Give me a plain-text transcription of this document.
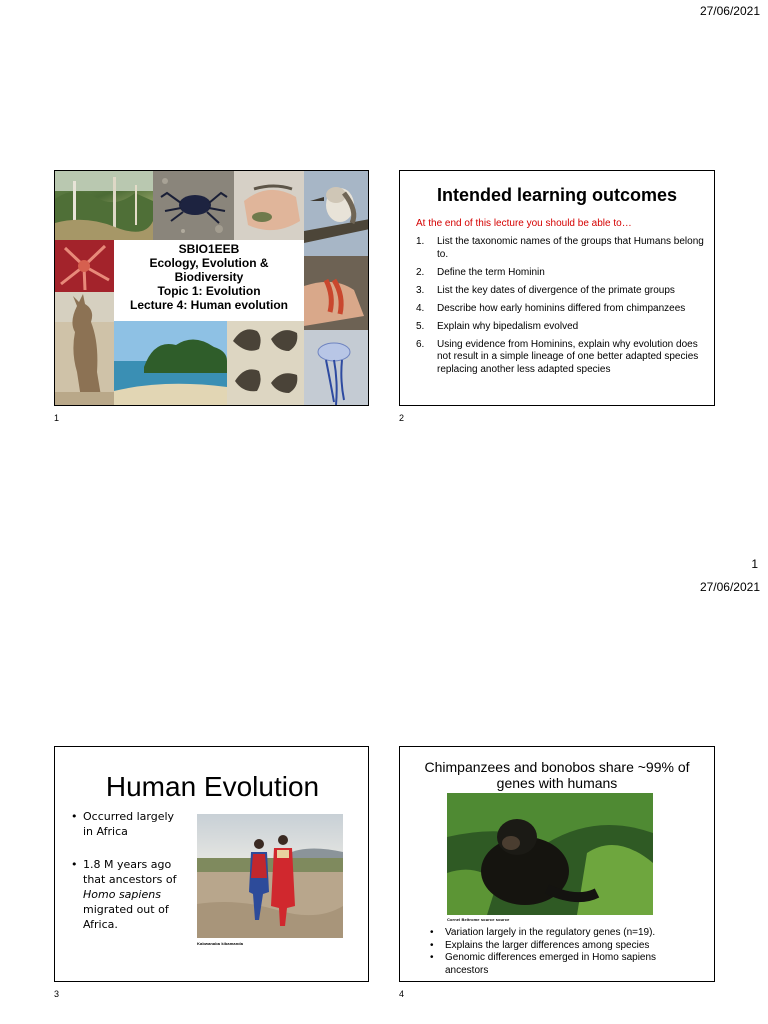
27/06/2021
1
27/06/2021
SBIO1EEB
Ecology, Evolution &
Biodiversity
Topic 1: Evolution
Lecture 4: Human evolution
1
Intended learning outcomes
At the end of this lecture you should be able to…
1.	List the taxonomic names of the groups that Humans belong to.
2.	Define the term Hominin
3.	List the key dates of divergence of the primate groups
4.	Describe how early hominins differed from chimpanzees
5.	Explain why bipedalism evolved
6.	Using evidence from Hominins, explain why evolution does not result in a simple lineage of one better adapted species replacing another less adapted species
2
Human Evolution
• Occurred largely in Africa
• 1.8 M years ago that ancestors of Homo sapiens migrated out of Africa.
Kabwanaba kibamanda
3
Chimpanzees and bonobos share ~99% of genes with humans
Cornel Beltrome source source
•	Variation largely in the regulatory genes (n=19).
•	Explains the larger differences among species
•	Genomic differences emerged in Homo sapiens ancestors
4
